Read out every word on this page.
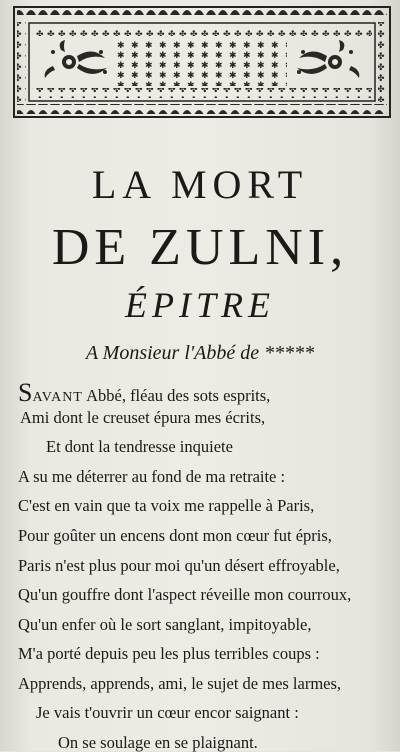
LA MORT
DE ZULNI,
ÉPITRE
A Monsieur l'Abbé de *****
SAVANT Abbé, fléau des sots esprits,
Ami dont le creuset épura mes écrits,
Et dont la tendresse inquiete
A su me déterrer au fond de ma retraite :
C'est en vain que ta voix me rappelle à Paris,
Pour goûter un encens dont mon cœur fut épris,
Paris n'est plus pour moi qu'un désert effroyable,
Qu'un gouffre dont l'aspect réveille mon courroux,
Qu'un enfer où le sort sanglant, impitoyable,
M'a porté depuis peu les plus terribles coups :
Apprends, apprends, ami, le sujet de mes larmes,
Je vais t'ouvrir un cœur encor saignant :
On se soulage en se plaignant.
